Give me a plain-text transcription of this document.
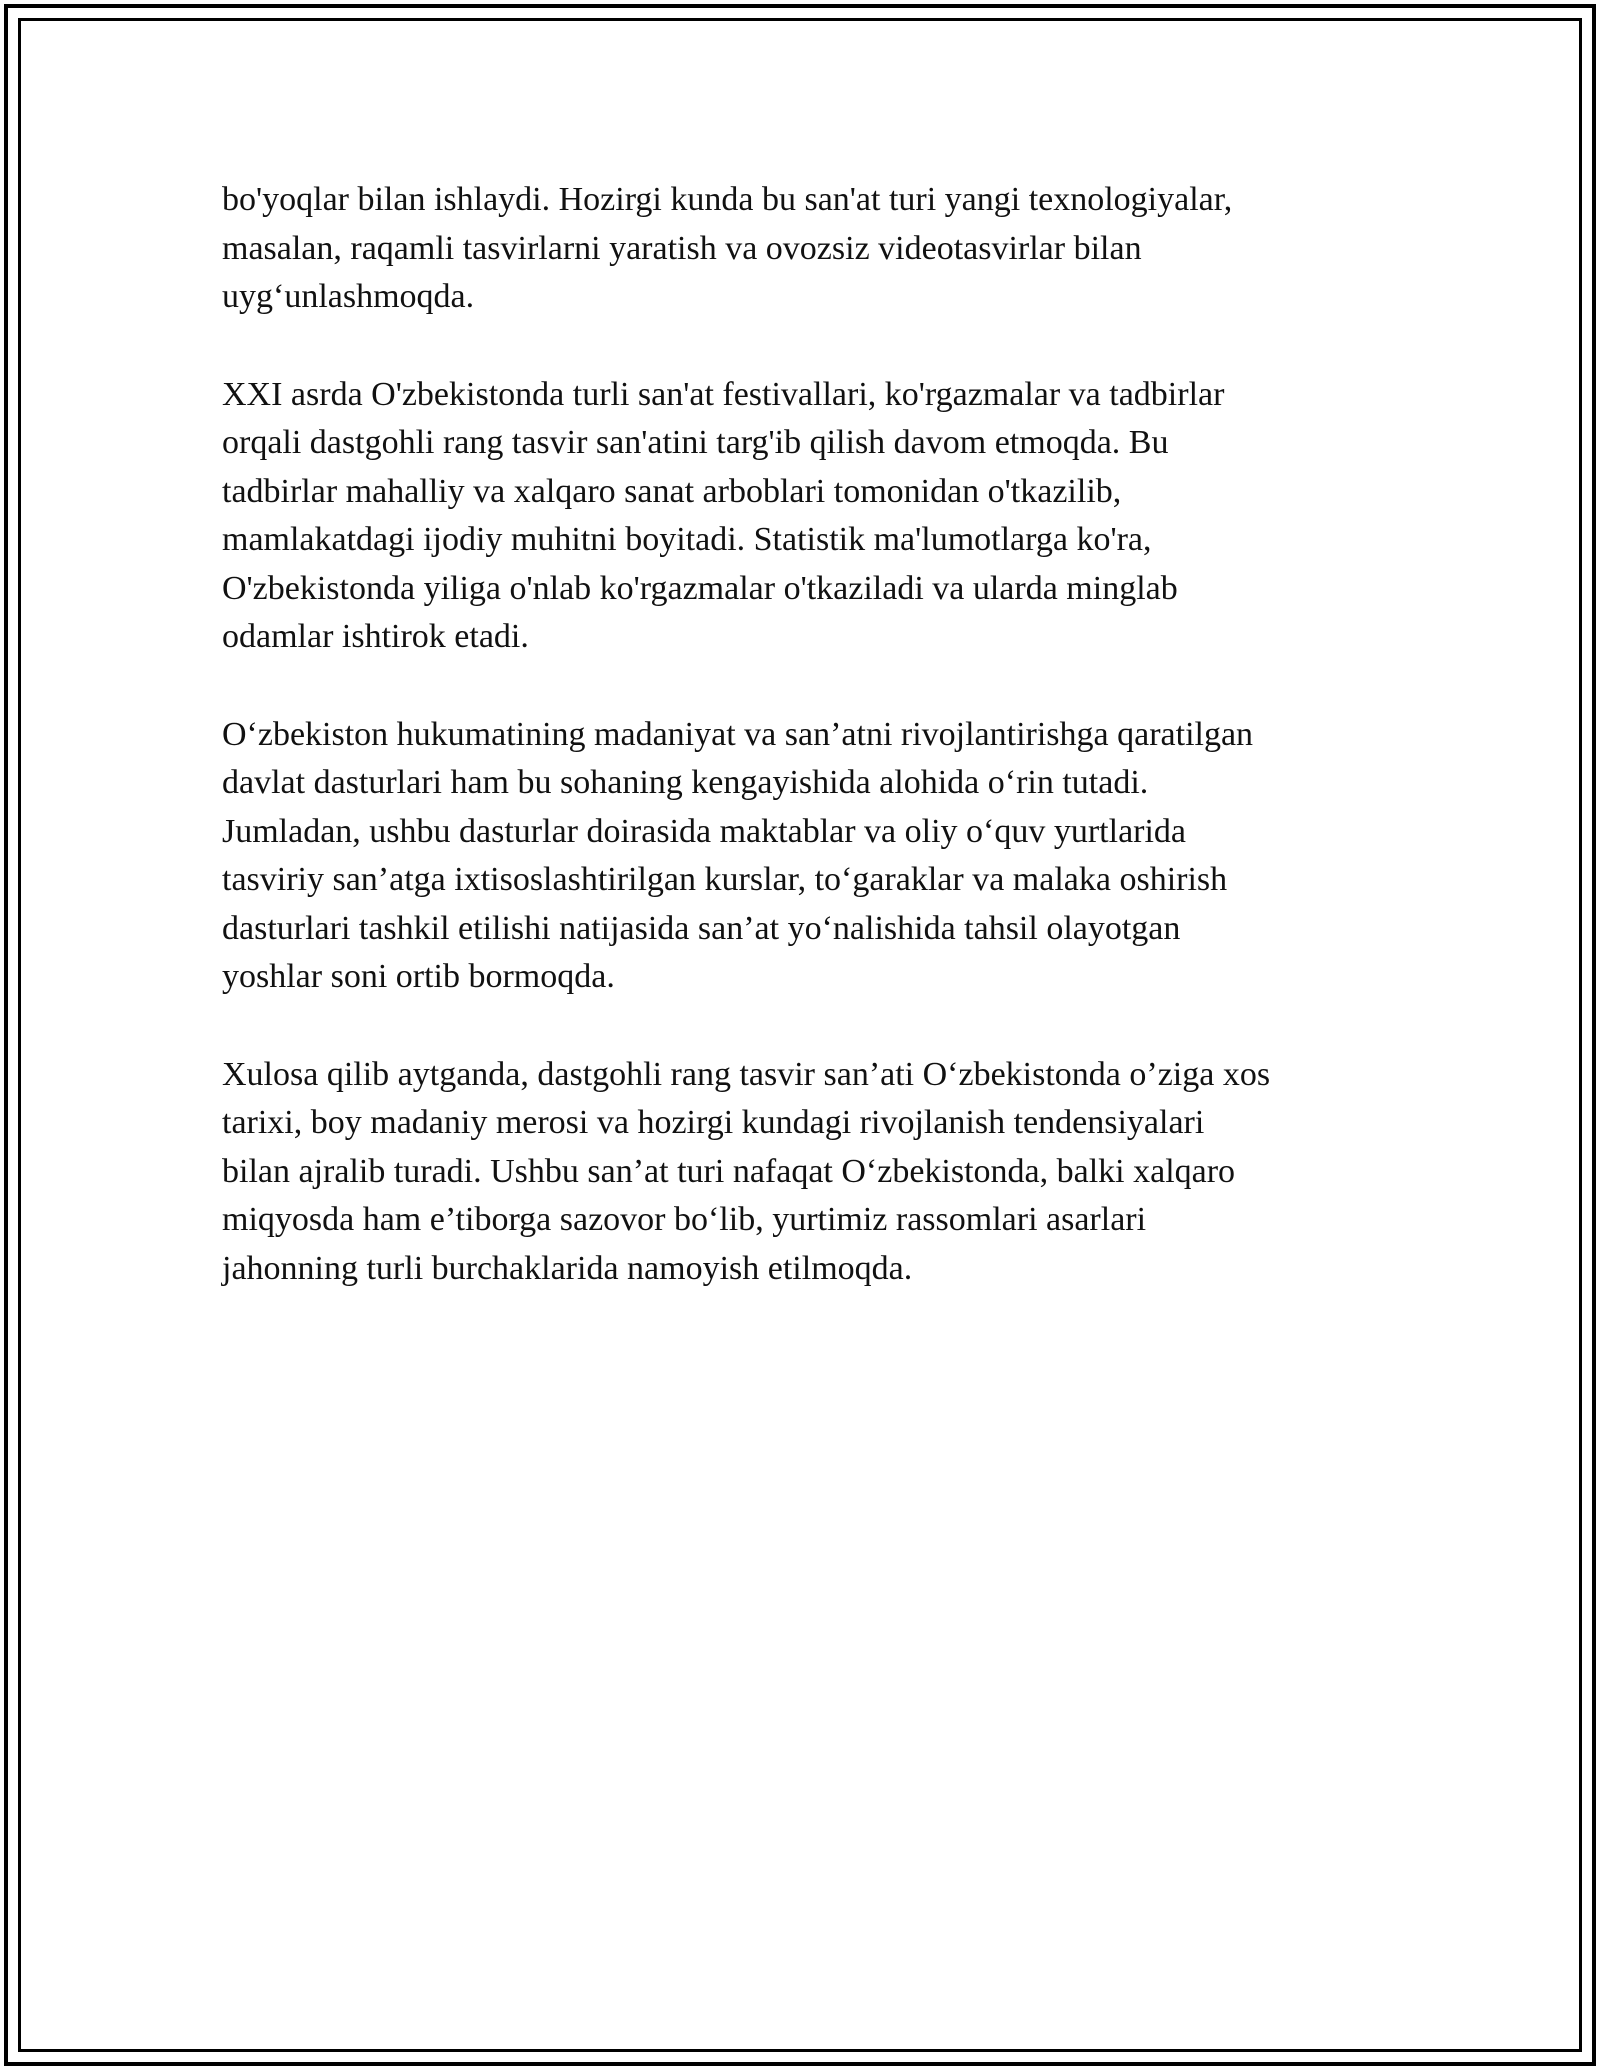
bo'yoqlar bilan ishlaydi. Hozirgi kunda bu san'at turi yangi texnologiyalar,
masalan, raqamli tasvirlarni yaratish va ovozsiz videotasvirlar bilan
uyg‘unlashmoqda.

XXI asrda O'zbekistonda turli san'at festivallari, ko'rgazmalar va tadbirlar
orqali dastgohli rang tasvir san'atini targ'ib qilish davom etmoqda. Bu
tadbirlar mahalliy va xalqaro sanat arboblari tomonidan o'tkazilib,
mamlakatdagi ijodiy muhitni boyitadi. Statistik ma'lumotlarga ko'ra,
O'zbekistonda yiliga o'nlab ko'rgazmalar o'tkaziladi va ularda minglab
odamlar ishtirok etadi.

O‘zbekiston hukumatining madaniyat va san’atni rivojlantirishga qaratilgan
davlat dasturlari ham bu sohaning kengayishida alohida o‘rin tutadi.
Jumladan, ushbu dasturlar doirasida maktablar va oliy o‘quv yurtlarida
tasviriy san’atga ixtisoslashtirilgan kurslar, to‘garaklar va malaka oshirish
dasturlari tashkil etilishi natijasida san’at yo‘nalishida tahsil olayotgan
yoshlar soni ortib bormoqda.

Xulosa qilib aytganda, dastgohli rang tasvir san’ati O‘zbekistonda o’ziga xos
tarixi, boy madaniy merosi va hozirgi kundagi rivojlanish tendensiyalari
bilan ajralib turadi. Ushbu san’at turi nafaqat O‘zbekistonda, balki xalqaro
miqyosda ham e’tiborga sazovor bo‘lib, yurtimiz rassomlari asarlari
jahonning turli burchaklarida namoyish etilmoqda.
